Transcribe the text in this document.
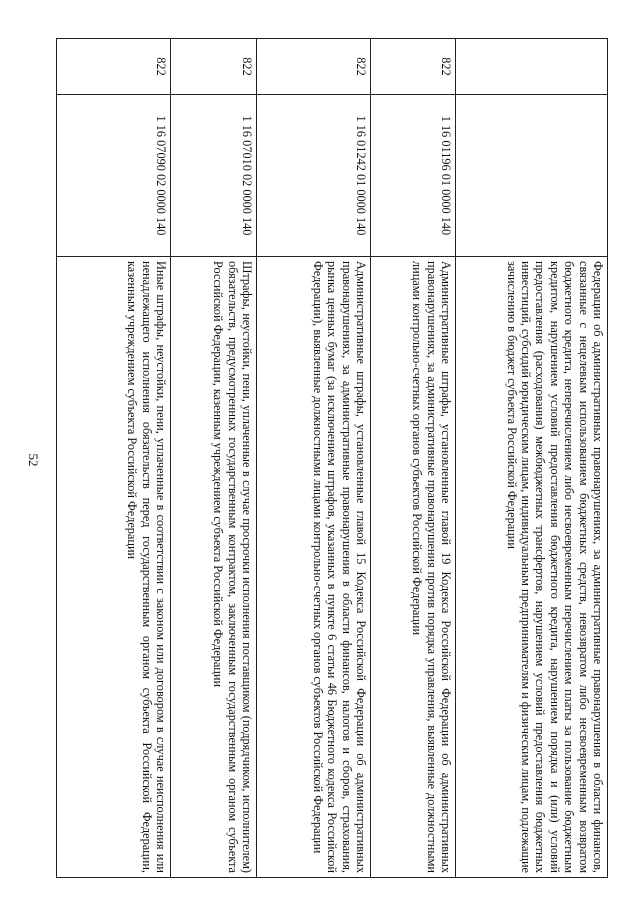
52
			Федерации об административных правонарушениях, за административные правонарушения в области финансов, связанные с нецелевым использованием бюджетных средств, невозвратом либо несвоевременным возвратом бюджетного кредита, неперечислением либо несвоевременным перечислением платы за пользование бюджетным кредитом, нарушением условий предоставления бюджетного кредита, нарушением порядка и (или) условий предоставления (расходования) межбюджетных трансфертов, нарушением условий предоставления бюджетных инвестиций, субсидий юридическим лицам, индивидуальным предпринимателям и физическим лицам, подлежащие зачислению в бюджет субъекта Российской Федерации
822	1 16 01196 01 0000 140	Административные штрафы, установленные главой 19 Кодекса Российской Федерации об административных правонарушениях, за административные правонарушения против порядка управления, выявленные должностными лицами контрольно-счетных органов субъектов Российской Федерации
822	1 16 01242 01 0000 140	Административные штрафы, установленные главой 15 Кодекса Российской Федерации об административных правонарушениях, за административные правонарушения в области финансов, налогов и сборов, страхования, рынка ценных бумаг (за исключением штрафов, указанных в пункте 6 статьи 46 Бюджетного кодекса Российской Федерации), выявленные должностными лицами контрольно-счетных органов субъектов Российской Федерации
822	1 16 07010 02 0000 140	Штрафы, неустойки, пени, уплаченные в случае просрочки исполнения поставщиком (подрядчиком, исполнителем) обязательств, предусмотренных государственным контрактом, заключенным государственным органом субъекта Российской Федерации, казенным учреждением субъекта Российской Федерации
822	1 16 07090 02 0000 140	Иные штрафы, неустойки, пени, уплаченные в соответствии с законом или договором в случае неисполнения или ненадлежащего исполнения обязательств перед государственным органом субъекта Российской Федерации, казенным учреждением субъекта Российской Федерации
